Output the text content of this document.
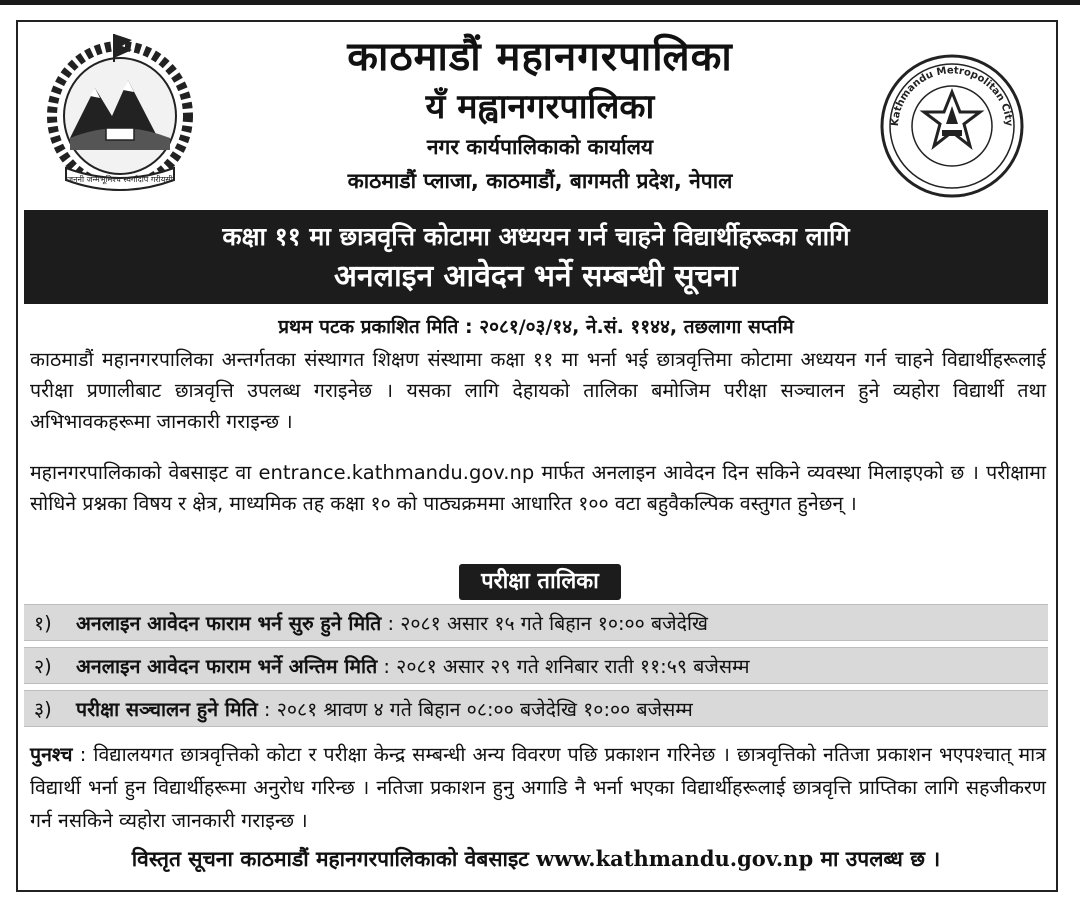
जननी जन्मभूमिश्च स्वर्गादपि गरीयसी
Kathmandu Metropolitan City
काठमाडौं महानगरपालिका
यँ मह्वानगरपालिका
नगर कार्यपालिकाको कार्यालय
काठमाडौं प्लाजा, काठमाडौं, बागमती प्रदेश, नेपाल
कक्षा ११ मा छात्रवृत्ति कोटामा अध्ययन गर्न चाहने विद्यार्थीहरूका लागि
अनलाइन आवेदन भर्ने सम्बन्धी सूचना
प्रथम पटक प्रकाशित मिति : २०८१/०३/१४, ने.सं. ११४४, तछलागा सप्तमि
काठमाडौं महानगरपालिका अन्तर्गतका संस्थागत शिक्षण संस्थामा कक्षा ११ मा भर्ना भई छात्रवृत्तिमा कोटामा अध्ययन गर्न चाहने विद्यार्थीहरूलाई परीक्षा प्रणालीबाट छात्रवृत्ति उपलब्ध गराइनेछ । यसका लागि देहायको तालिका बमोजिम परीक्षा सञ्चालन हुने व्यहोरा विद्यार्थी तथा अभिभावकहरूमा जानकारी गराइन्छ ।
महानगरपालिकाको वेबसाइट वा entrance.kathmandu.gov.np मार्फत अनलाइन आवेदन दिन सकिने व्यवस्था मिलाइएको छ । परीक्षामा सोधिने प्रश्नका विषय र क्षेत्र, माध्यमिक तह कक्षा १० को पाठ्यक्रममा आधारित १०० वटा बहुवैकल्पिक वस्तुगत हुनेछन् ।
परीक्षा तालिका
१) अनलाइन आवेदन फाराम भर्न सुरु हुने मिति : २०८१ असार १५ गते बिहान १०:०० बजेदेखि
२) अनलाइन आवेदन फाराम भर्ने अन्तिम मिति : २०८१ असार २९ गते शनिबार राती ११:५९ बजेसम्म
३) परीक्षा सञ्चालन हुने मिति : २०८१ श्रावण ४ गते बिहान ०८:०० बजेदेखि १०:०० बजेसम्म
पुनश्च : विद्यालयगत छात्रवृत्तिको कोटा र परीक्षा केन्द्र सम्बन्धी अन्य विवरण पछि प्रकाशन गरिनेछ । छात्रवृत्तिको नतिजा प्रकाशन भएपश्चात् मात्र विद्यार्थी भर्ना हुन विद्यार्थीहरूमा अनुरोध गरिन्छ । नतिजा प्रकाशन हुनु अगाडि नै भर्ना भएका विद्यार्थीहरूलाई छात्रवृत्ति प्राप्तिका लागि सहजीकरण गर्न नसकिने व्यहोरा जानकारी गराइन्छ ।
विस्तृत सूचना काठमाडौं महानगरपालिकाको वेबसाइट www.kathmandu.gov.np मा उपलब्ध छ ।
